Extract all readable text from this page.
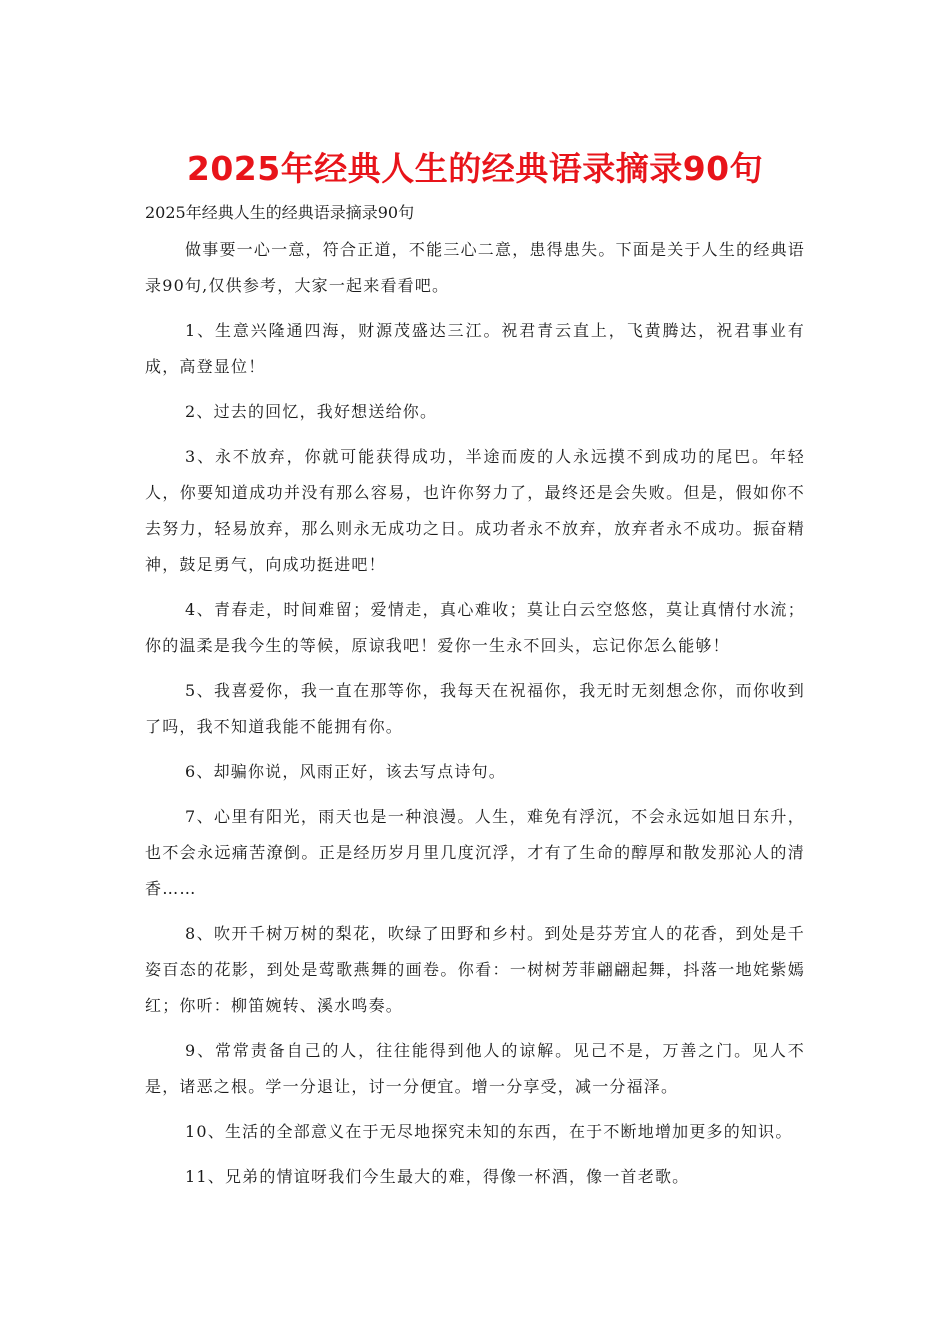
2025年经典人生的经典语录摘录90句
2025年经典人生的经典语录摘录90句

做事要一心一意，符合正道，不能三心二意，患得患失。下面是关于人生的经典语录90句,仅供参考，大家一起来看看吧。

1、生意兴隆通四海，财源茂盛达三江。祝君青云直上，飞黄腾达，祝君事业有成，高登显位！

2、过去的回忆，我好想送给你。

3、永不放弃，你就可能获得成功，半途而废的人永远摸不到成功的尾巴。年轻人，你要知道成功并没有那么容易，也许你努力了，最终还是会失败。但是，假如你不去努力，轻易放弃，那么则永无成功之日。成功者永不放弃，放弃者永不成功。振奋精神，鼓足勇气，向成功挺进吧！

4、青春走，时间难留；爱情走，真心难收；莫让白云空悠悠，莫让真情付水流；你的温柔是我今生的等候，原谅我吧！爱你一生永不回头，忘记你怎么能够！

5、我喜爱你，我一直在那等你，我每天在祝福你，我无时无刻想念你，而你收到了吗，我不知道我能不能拥有你。

6、却骗你说，风雨正好，该去写点诗句。

7、心里有阳光，雨天也是一种浪漫。人生，难免有浮沉，不会永远如旭日东升，也不会永远痛苦潦倒。正是经历岁月里几度沉浮，才有了生命的醇厚和散发那沁人的清香……

8、吹开千树万树的梨花，吹绿了田野和乡村。到处是芬芳宜人的花香，到处是千姿百态的花影，到处是莺歌燕舞的画卷。你看：一树树芳菲翩翩起舞，抖落一地姹紫嫣红；你听：柳笛婉转、溪水鸣奏。

9、常常责备自己的人，往往能得到他人的谅解。见己不是，万善之门。见人不是，诸恶之根。学一分退让，讨一分便宜。增一分享受，减一分福泽。

10、生活的全部意义在于无尽地探究未知的东西，在于不断地增加更多的知识。

11、兄弟的情谊呀我们今生最大的难，得像一杯酒，像一首老歌。
